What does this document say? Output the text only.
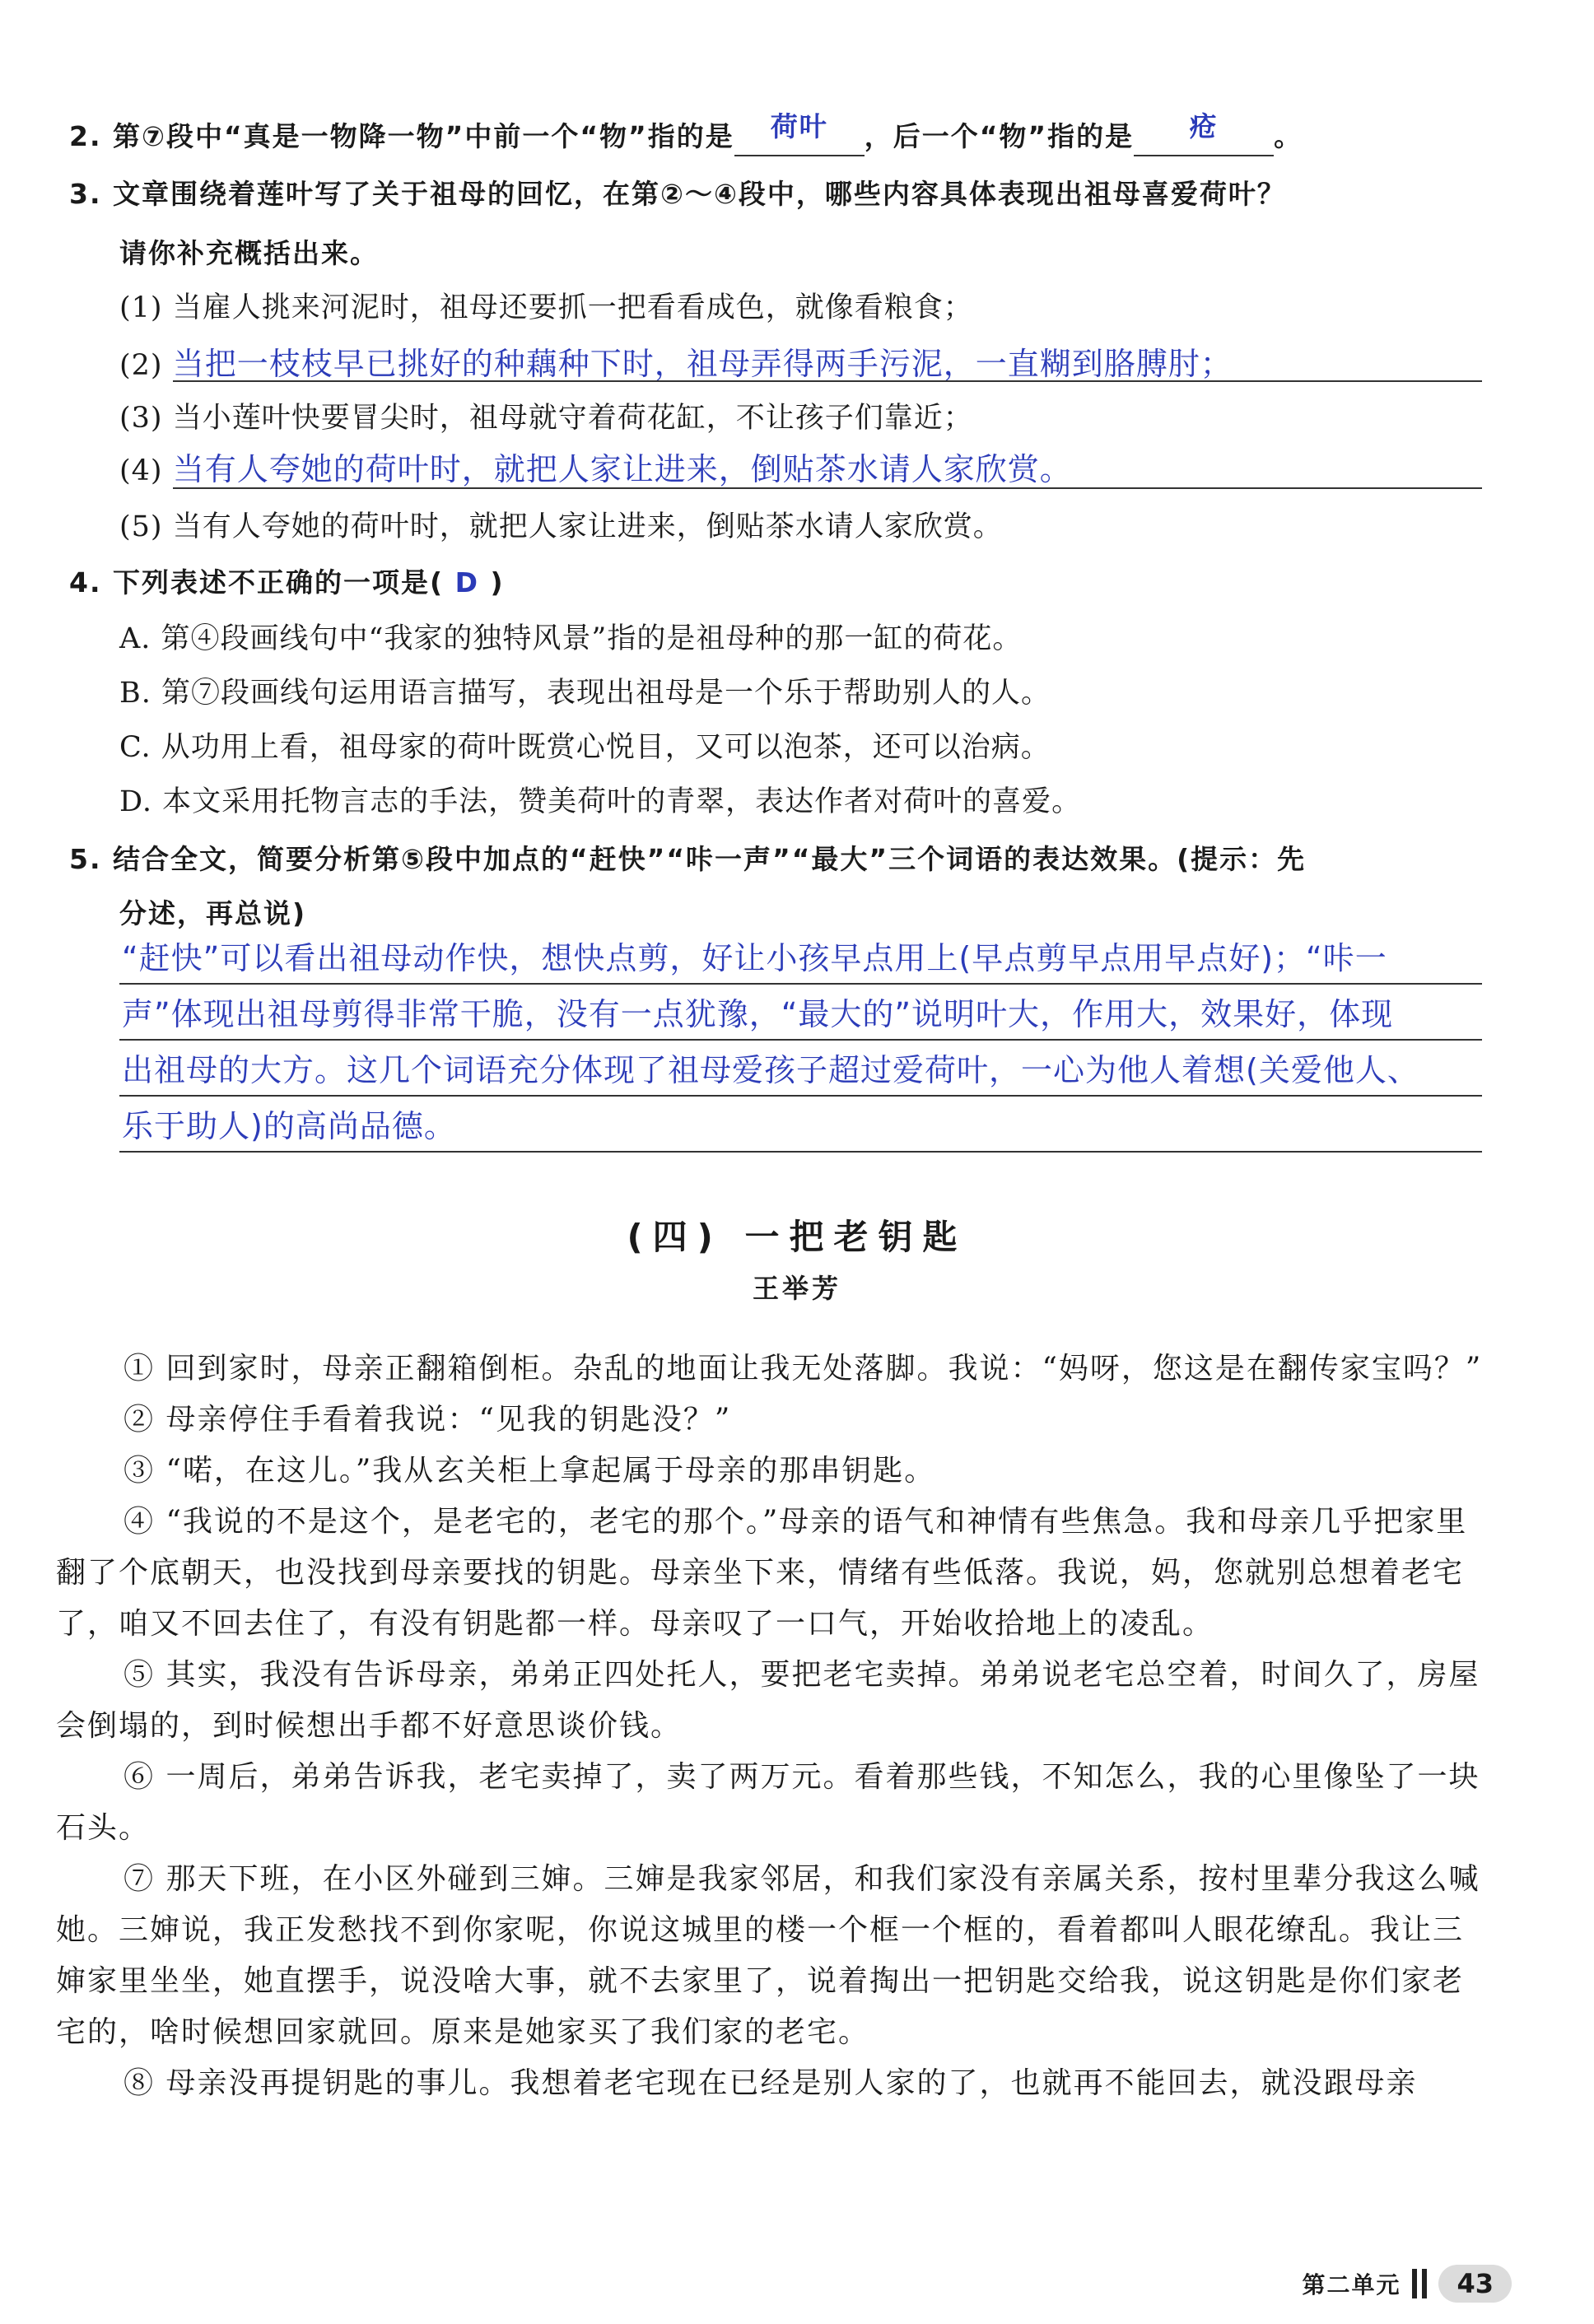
2. 第⑦段中“真是一物降一物”中前一个“物”指的是 荷叶 ，后一个“物”指的是 疮 。
3. 文章围绕着莲叶写了关于祖母的回忆，在第②～④段中，哪些内容具体表现出祖母喜爱荷叶？
请你补充概括出来。
(1) 当雇人挑来河泥时，祖母还要抓一把看看成色，就像看粮食；
(2) 当把一枝枝早已挑好的种藕种下时，祖母弄得两手污泥，一直糊到胳膊肘；
(3) 当小莲叶快要冒尖时，祖母就守着荷花缸，不让孩子们靠近；
(4) 当有人夸她的荷叶时，就把人家让进来，倒贴茶水请人家欣赏。
(5) 当有人夸她的荷叶时，就把人家让进来，倒贴茶水请人家欣赏。
4. 下列表述不正确的一项是( D )
A. 第④段画线句中“我家的独特风景”指的是祖母种的那一缸的荷花。
B. 第⑦段画线句运用语言描写，表现出祖母是一个乐于帮助别人的人。
C. 从功用上看，祖母家的荷叶既赏心悦目，又可以泡茶，还可以治病。
D. 本文采用托物言志的手法，赞美荷叶的青翠，表达作者对荷叶的喜爱。
5. 结合全文，简要分析第⑤段中加点的“赶快”“咔一声”“最大”三个词语的表达效果。(提示：先
分述，再总说)
“赶快”可以看出祖母动作快，想快点剪，好让小孩早点用上(早点剪早点用早点好)；“咔一
声”体现出祖母剪得非常干脆，没有一点犹豫，“最大的”说明叶大，作用大，效果好，体现
出祖母的大方。这几个词语充分体现了祖母爱孩子超过爱荷叶，一心为他人着想(关爱他人、
乐于助人)的高尚品德。
(四) 一把老钥匙
王举芳

① 回到家时，母亲正翻箱倒柜。杂乱的地面让我无处落脚。我说：“妈呀，您这是在翻传家宝吗？”

② 母亲停住手看着我说：“见我的钥匙没？”

③ “喏，在这儿。”我从玄关柜上拿起属于母亲的那串钥匙。

④ “我说的不是这个，是老宅的，老宅的那个。”母亲的语气和神情有些焦急。我和母亲几乎把家里翻了个底朝天，也没找到母亲要找的钥匙。母亲坐下来，情绪有些低落。我说，妈，您就别总想着老宅了，咱又不回去住了，有没有钥匙都一样。母亲叹了一口气，开始收拾地上的凌乱。

⑤ 其实，我没有告诉母亲，弟弟正四处托人，要把老宅卖掉。弟弟说老宅总空着，时间久了，房屋会倒塌的，到时候想出手都不好意思谈价钱。

⑥ 一周后，弟弟告诉我，老宅卖掉了，卖了两万元。看着那些钱，不知怎么，我的心里像坠了一块石头。

⑦ 那天下班，在小区外碰到三婶。三婶是我家邻居，和我们家没有亲属关系，按村里辈分我这么喊她。三婶说，我正发愁找不到你家呢，你说这城里的楼一个框一个框的，看着都叫人眼花缭乱。我让三婶家里坐坐，她直摆手，说没啥大事，就不去家里了，说着掏出一把钥匙交给我，说这钥匙是你们家老宅的，啥时候想回家就回。原来是她家买了我们家的老宅。

⑧ 母亲没再提钥匙的事儿。我想着老宅现在已经是别人家的了，也就再不能回去，就没跟母亲

第二单元	43
